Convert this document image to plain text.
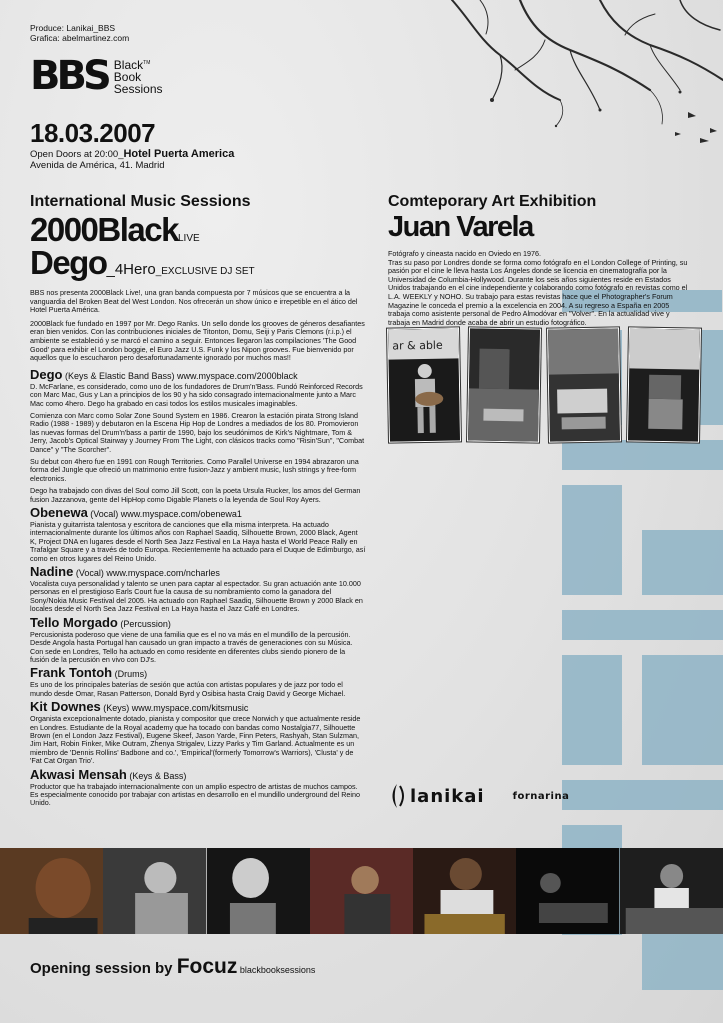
Produce: Lanikai_BBS
Grafica: abelmartinez.com
BBS Black™
Book
Sessions
18.03.2007
Open Doors at 20:00_Hotel Puerta America
Avenida de América, 41. Madrid
International Music Sessions
2000BlackLIVE
Dego_4Hero_EXCLUSIVE DJ SET

BBS nos presenta 2000Black Live!, una gran banda compuesta por 7 músicos que se encuentra a la vanguardia del Broken Beat del West London. Nos ofrecerán un show único e irrepetible en el ático del Hotel Puerta América.

2000Black fue fundado en 1997 por Mr. Dego Ranks. Un sello donde los grooves de géneros desafiantes eran bien venidos. Con las contribuciones iniciales de Titonton, Domu, Seiji y Paris Clemons (r.i.p.) el ambiente se estableció y se marcó el camino a seguir. Entonces llegaron las compilaciones 'The Good Good' para exhibir el London boggie, el Euro Jazz U.S. Funk y los Nipon grooves. Fue bienvenido por aquellos que lo escucharon pero desafortunadamente ignorado por muchos mas!!

Dego (Keys & Elastic Band Bass) www.myspace.com/2000black

D. McFarlane, es considerado, como uno de los fundadores de Drum'n'Bass. Fundó Reinforced Records con Marc Mac, Gus y Lan a principios de los 90 y ha sido consagrado internacionalmente junto a Marc Mac como 4hero. Dego ha grabado en casi todos los estilos musicales imaginables.

Comienza con Marc como Solar Zone Sound System en 1986. Crearon la estación pirata Strong Island Radio (1988 - 1989) y debutaron en la Escena Hip Hop de Londres a mediados de los 80. Promovieron las nuevas formas del Drum'n'bass a partir de 1990, bajo los seudónimos de Kirk's Nightmare, Tom & Jerry, Jacob's Optical Stairway y Journey From The Light, con clásicos tracks como "Risin'Sun", "Combat Dance" y "The Scorcher".

Su debut con 4hero fue en 1991 con Rough Territories. Como Parallel Universe en 1994 abrazaron una forma del Jungle que ofreció un matrimonio entre fusion-Jazz y ambient music, lush strings y free-form electronics.

Dego ha trabajado con divas del Soul como Jill Scott, con la poeta Ursula Rucker, los amos del German fusion Jazzanova, gente del HipHop como Digable Planets o la leyenda de Soul Roy Ayers.

Obenewa (Vocal) www.myspace.com/obenewa1

Pianista y guitarrista talentosa y escritora de canciones que ella misma interpreta. Ha actuado internacionalmente durante los últimos años con Raphael Saadiq, Silhouette Brown, 2000 Black, Agent K, Project DNA en lugares desde el North Sea Jazz Festival en La Haya hasta el World Peace Rally en Trafalgar Square y a través de todo Europa. Recientemente ha actuado para el Duque de Edimburgo, así como en otros lugares del Reino Unido.

Nadine (Vocal) www.myspace.com/ncharles

Vocalista cuya personalidad y talento se unen para captar al espectador. Su gran actuación ante 10.000 personas en el prestigioso Earls Court fue la causa de su nombramiento como la ganadora del Sony/Nokia Music Festival del 2005. Ha actuado con Raphael Saadiq, Silhouette Brown y 2000 Black en locales desde el North Sea Jazz Festival en La Haya hasta el Jazz Café en Londres.

Tello Morgado (Percussion)

Percusionista poderoso que viene de una familia que es el no va más en el mundillo de la percusión. Desde Angola hasta Portugal han causado un gran impacto a través de generaciones con su Música. Con sede en Londres, Tello ha actuado en como residente en diferentes clubs siendo pionero de la fusión de la percusión en vivo con DJ's.

Frank Tontoh (Drums)

Es uno de los principales baterías de sesión que actúa con artistas populares y de jazz por todo el mundo desde Omar, Rasan Patterson, Donald Byrd y Osibisa hasta Craig David y George Michael.

Kit Downes (Keys) www.myspace.com/kitsmusic

Organista excepcionalmente dotado, pianista y compositor que crece Norwich y que actualmente reside en Londres. Estudiante de la Royal academy que ha tocado con bandas como Nostalgia77, Silhouette Brown (en el London Jazz Festival), Eugene Skeef, Jason Yarde, Finn Peters, Rashyah, Stan Sulzman, Jim Hart, Robin Finker, Mike Outram, Zhenya Strigalev, Lizzy Parks y Tim Garland. Actualmente es un miembro de 'Dennis Rollins' Badbone and co.', 'Empirical'(formerly Tomorrow's Warriors), 'Clusta' y de 'Fat Cat Organ Trio'.

Akwasi Mensah (Keys & Bass)

Productor que ha trabajado internacionalmente con un amplio espectro de artistas de muchos campos. Es especialmente conocido por trabajar con artistas en desarrollo en el mundillo underground del Reino Unido.

Comteporary Art Exhibition
Juan Varela

Fotógrafo y cineasta nacido en Oviedo en 1976.

Tras su paso por Londres donde se forma como fotógrafo en el London College of Printing, su pasión por el cine le lleva hasta Los Ángeles donde se licencia en cinematografía por la Universidad de Columbia-Hollywood. Durante los seis años siguientes reside en Estados Unidos trabajando en el cine independiente y colaborando como fotógrafo en revistas como el L.A. WEEKLY y NOHO. Su trabajo para estas revistas hace que el Photographer's Forum Magazine le conceda el premio a la excelencia en 2004. A su regreso a España en 2005 trabaja como asistente personal de Pedro Almodóvar en "Volver". En la actualidad vive y trabaja en Madrid donde acaba de abrir un estudio fotográfico.

ar & able
lanikai	fornarina
Opening session by Focuz blackbooksessions
